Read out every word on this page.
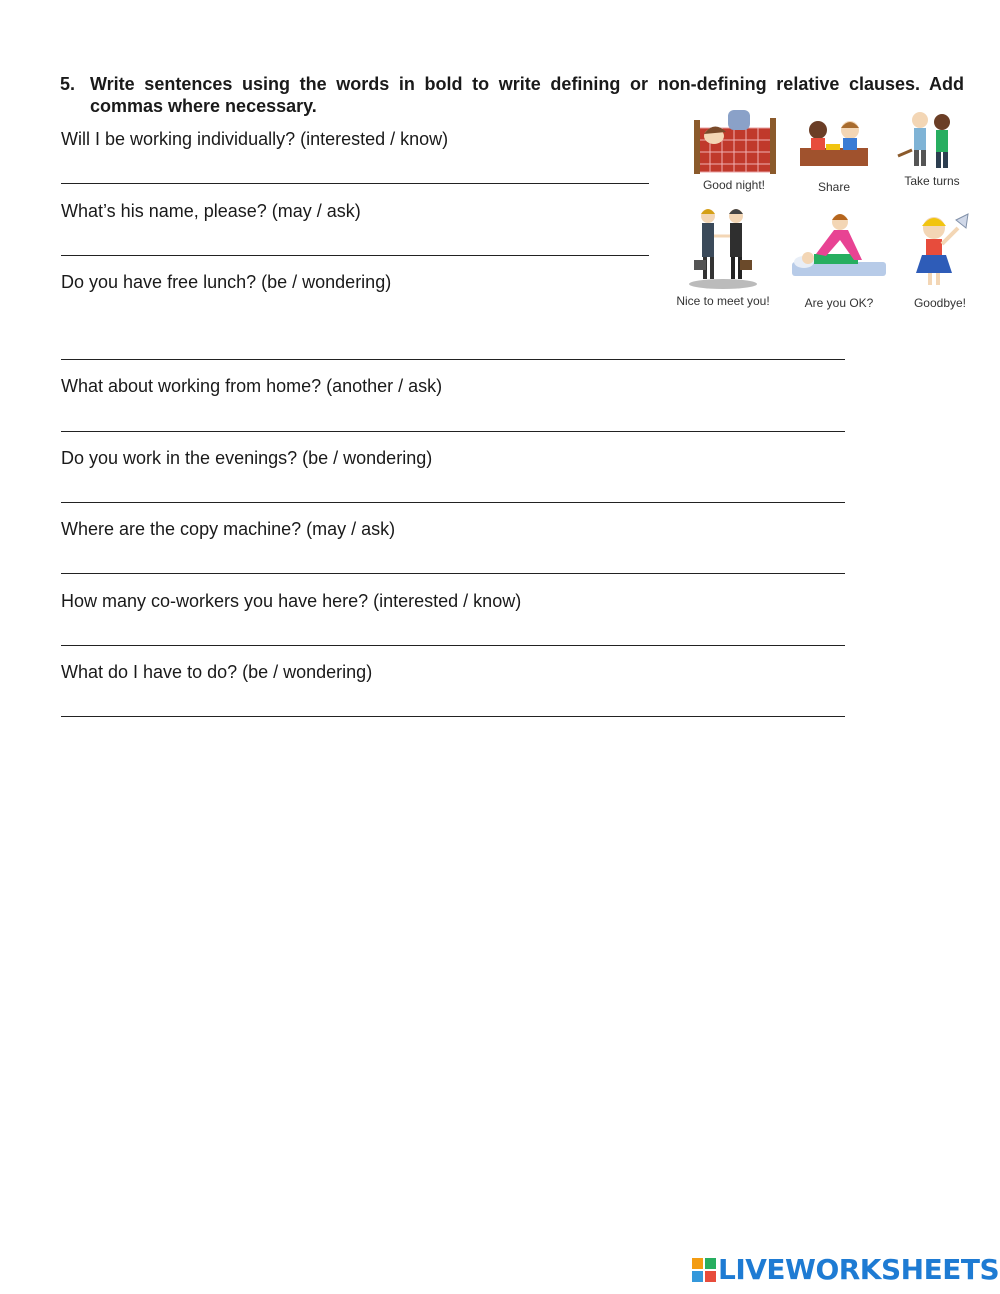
5. Write sentences using the words in bold to write defining or non-defining relative clauses. Add commas where necessary.
Will I be working individually? (interested / know)
What’s his name, please? (may / ask)
Do you have free lunch? (be / wondering)
What about working from home? (another / ask)
Do you work in the evenings? (be / wondering)
Where are the copy machine? (may / ask)
How many co-workers you have here? (interested / know)
What do I have to do? (be / wondering)
Good night!	Share	Take turns
Nice to meet you!	Are you OK?	Goodbye!
LIVEWORKSHEETS
